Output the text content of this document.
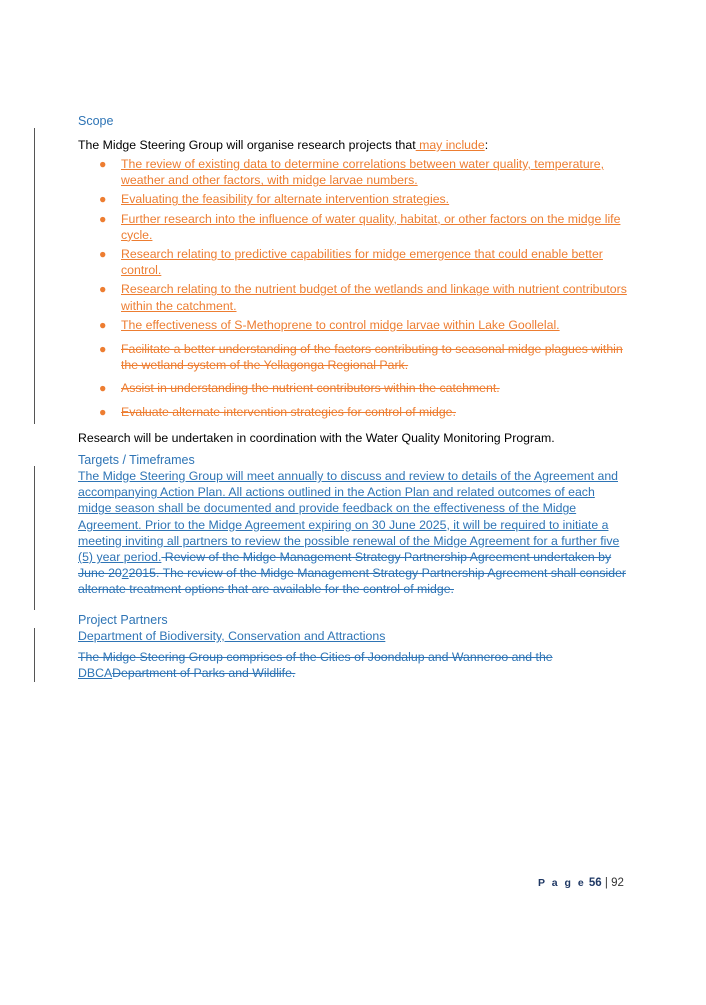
Scope
The Midge Steering Group will organise research projects that may include:
● The review of existing data to determine correlations between water quality, temperature, weather and other factors, with midge larvae numbers.
● Evaluating the feasibility for alternate intervention strategies.
● Further research into the influence of water quality, habitat, or other factors on the midge life cycle.
● Research relating to predictive capabilities for midge emergence that could enable better control.
● Research relating to the nutrient budget of the wetlands and linkage with nutrient contributors within the catchment.
● The effectiveness of S-Methoprene to control midge larvae within Lake Goollelal.
● Facilitate a better understanding of the factors contributing to seasonal midge plagues within the wetland system of the Yellagonga Regional Park.
● Assist in understanding the nutrient contributors within the catchment.
● Evaluate alternate intervention strategies for control of midge.
Research will be undertaken in coordination with the Water Quality Monitoring Program.
Targets / Timeframes
The Midge Steering Group will meet annually to discuss and review to details of the Agreement and accompanying Action Plan. All actions outlined in the Action Plan and related outcomes of each midge season shall be documented and provide feedback on the effectiveness of the Midge Agreement. Prior to the Midge Agreement expiring on 30 June 2025, it will be required to initiate a meeting inviting all partners to review the possible renewal of the Midge Agreement for a further five (5) year period. Review of the Midge Management Strategy Partnership Agreement undertaken by June 2022015. The review of the Midge Management Strategy Partnership Agreement shall consider alternate treatment options that are available for the control of midge.
Project Partners
Department of Biodiversity, Conservation and Attractions
The Midge Steering Group comprises of the Cities of Joondalup and Wanneroo and the DBCADepartment of Parks and Wildlife.
P a g e 56 | 92
